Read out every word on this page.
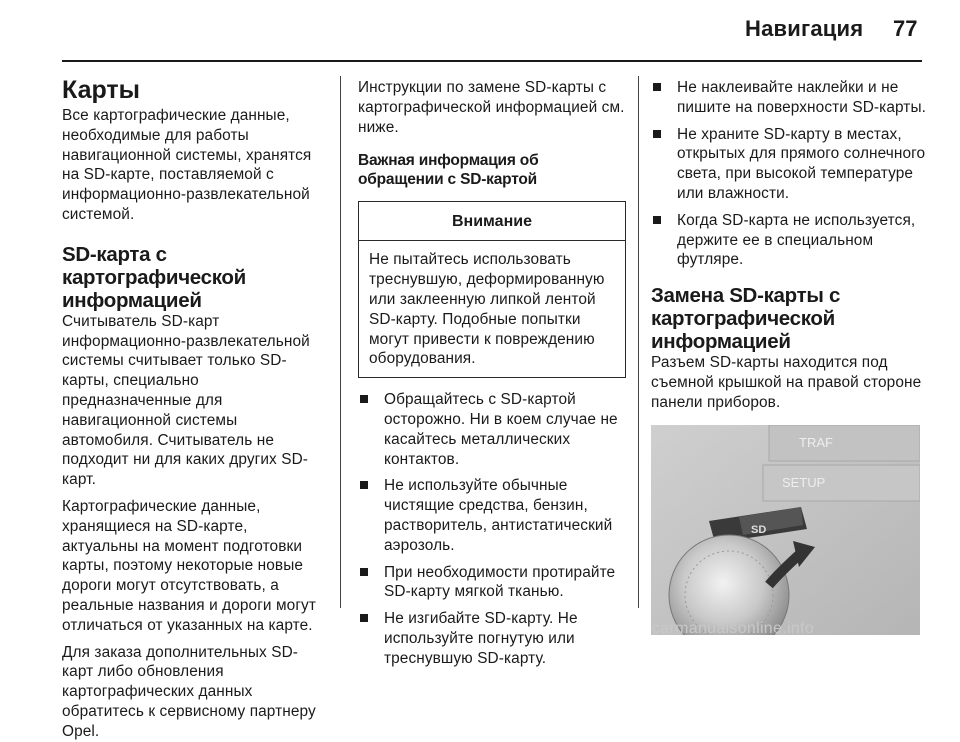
Навигация 77
Карты

Все картографические данные, необходимые для работы навигационной системы, хранятся на SD-карте, поставляемой с информационно-развлекательной системой.

SD-карта с картографической информацией

Считыватель SD-карт информационно-развлекательной системы считывает только SD-карты, специально предназначенные для навигационной системы автомобиля. Считыватель не подходит ни для каких других SD-карт.

Картографические данные, хранящиеся на SD-карте, актуальны на момент подготовки карты, поэтому некоторые новые дороги могут отсутствовать, а реальные названия и дороги могут отличаться от указанных на карте.

Для заказа дополнительных SD-карт либо обновления картографических данных обратитесь к сервисному партнеру Opel.

Инструкции по замене SD-карты с картографической информацией см. ниже.

Важная информация об обращении с SD-картой
Внимание

Не пытайтесь использовать треснувшую, деформированную или заклеенную липкой лентой SD-карту. Подобные попытки могут привести к повреждению оборудования.

Обращайтесь с SD-картой осторожно. Ни в коем случае не касайтесь металлических контактов.

Не используйте обычные чистящие средства, бензин, растворитель, антистатический аэрозоль.

При необходимости протирайте SD-карту мягкой тканью.

Не изгибайте SD-карту. Не используйте погнутую или треснувшую SD-карту.

Не наклеивайте наклейки и не пишите на поверхности SD-карты.

Не храните SD-карту в местах, открытых для прямого солнечного света, при высокой температуре или влажности.

Когда SD-карта не используется, держите ее в специальном футляре.

Замена SD-карты с картографической информацией

Разъем SD-карты находится под съемной крышкой на правой стороне панели приборов.

TRAF
SETUP
SD
carmanualsonline.info
